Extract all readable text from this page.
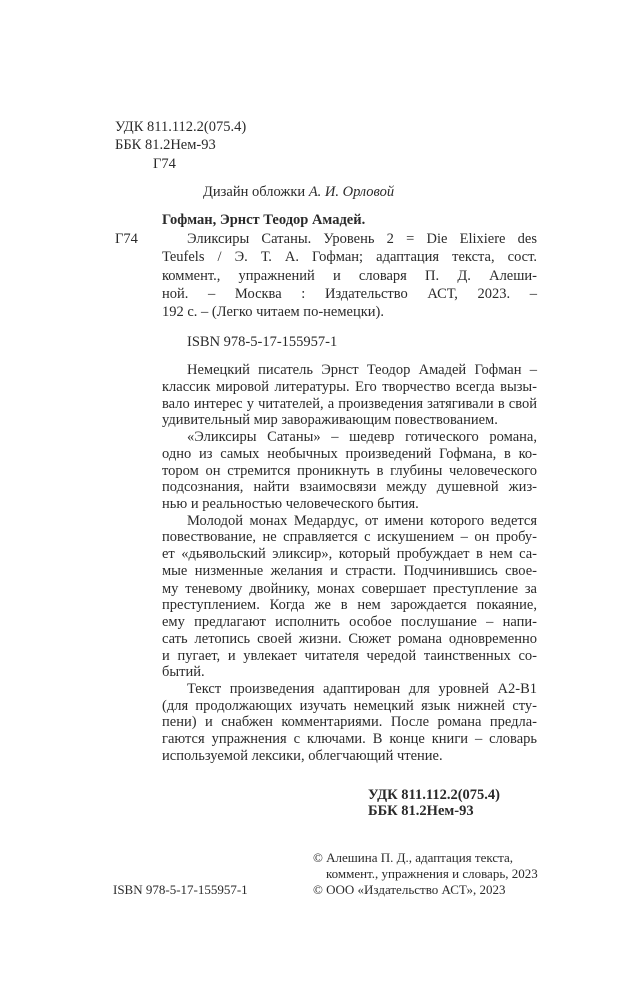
УДК 811.112.2(075.4)
ББК 81.2Нем-93
Г74
Дизайн обложки А. И. Орловой
Гофман, Эрнст Теодор Амадей.
Г74	Эликсиры Сатаны. Уровень 2 = Die Elixiere des
Teufels / Э. Т. А. Гофман; адаптация текста, сост.
коммент., упражнений и словаря П. Д. Алеши-
ной. – Москва : Издательство АСТ, 2023. –
192 с. – (Легко читаем по-немецки).
ISBN 978-5-17-155957-1
Немецкий писатель Эрнст Теодор Амадей Гофман –
классик мировой литературы. Его творчество всегда вызы-
вало интерес у читателей, а произведения затягивали в свой
удивительный мир завораживающим повествованием.
«Эликсиры Сатаны» – шедевр готического романа,
одно из самых необычных произведений Гофмана, в ко-
тором он стремится проникнуть в глубины человеческого
подсознания, найти взаимосвязи между душевной жиз-
нью и реальностью человеческого бытия.
Молодой монах Медардус, от имени которого ведется
повествование, не справляется с искушением – он пробу-
ет «дьявольский эликсир», который пробуждает в нем са-
мые низменные желания и страсти. Подчинившись свое-
му теневому двойнику, монах совершает преступление за
преступлением. Когда же в нем зарождается покаяние,
ему предлагают исполнить особое послушание – напи-
сать летопись своей жизни. Сюжет романа одновременно
и пугает, и увлекает читателя чередой таинственных со-
бытий.
Текст произведения адаптирован для уровней А2-В1
(для продолжающих изучать немецкий язык нижней сту-
пени) и снабжен комментариями. После романа предла-
гаются упражнения с ключами. В конце книги – словарь
используемой лексики, облегчающий чтение.
УДК 811.112.2(075.4)
ББК 81.2Нем-93
© Алешина П. Д., адаптация текста,
коммент., упражнения и словарь, 2023
ISBN 978-5-17-155957-1	© ООО «Издательство АСТ», 2023
